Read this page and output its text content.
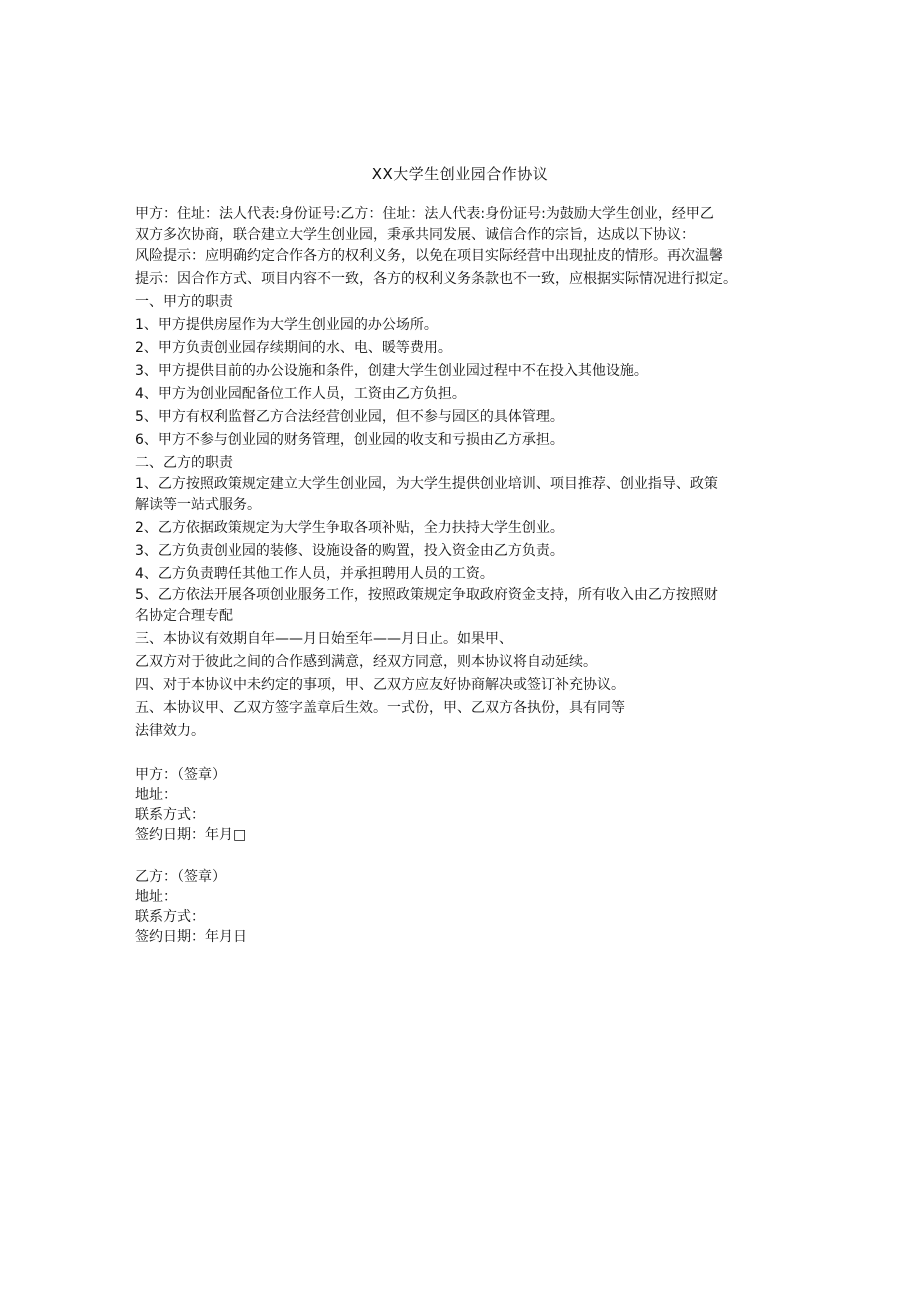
XX大学生创业园合作协议
甲方：住址：法人代表:身份证号:乙方：住址：法人代表:身份证号:为鼓励大学生创业，经甲乙
双方多次协商，联合建立大学生创业园，秉承共同发展、诚信合作的宗旨，达成以下协议：
风险提示：应明确约定合作各方的权利义务，以免在项目实际经营中出现扯皮的情形。再次温馨
提示：因合作方式、项目内容不一致，各方的权利义务条款也不一致，应根据实际情况进行拟定。
一、甲方的职责
1、甲方提供房屋作为大学生创业园的办公场所。
2、甲方负责创业园存续期间的水、电、暖等费用。
3、甲方提供目前的办公设施和条件，创建大学生创业园过程中不在投入其他设施。
4、甲方为创业园配备位工作人员，工资由乙方负担。
5、甲方有权利监督乙方合法经营创业园，但不参与园区的具体管理。
6、甲方不参与创业园的财务管理，创业园的收支和亏损由乙方承担。
二、乙方的职责
1、乙方按照政策规定建立大学生创业园，为大学生提供创业培训、项目推荐、创业指导、政策
解读等一站式服务。
2、乙方依据政策规定为大学生争取各项补贴，全力扶持大学生创业。
3、乙方负责创业园的装修、设施设备的购置，投入资金由乙方负责。
4、乙方负责聘任其他工作人员，并承担聘用人员的工资。
5、乙方依法开展各项创业服务工作，按照政策规定争取政府资金支持，所有收入由乙方按照财
名协定合理专配
三、本协议有效期自年——月日始至年——月日止。如果甲、
乙双方对于彼此之间的合作感到满意，经双方同意，则本协议将自动延续。
四、对于本协议中未约定的事项，甲、乙双方应友好协商解决或签订补充协议。
五、本协议甲、乙双方签字盖章后生效。一式份，甲、乙双方各执份，具有同等
法律效力。
甲方：（签章）
地址：
联系方式：
签约日期：年月□
乙方：（签章）
地址：
联系方式：
签约日期：年月日
